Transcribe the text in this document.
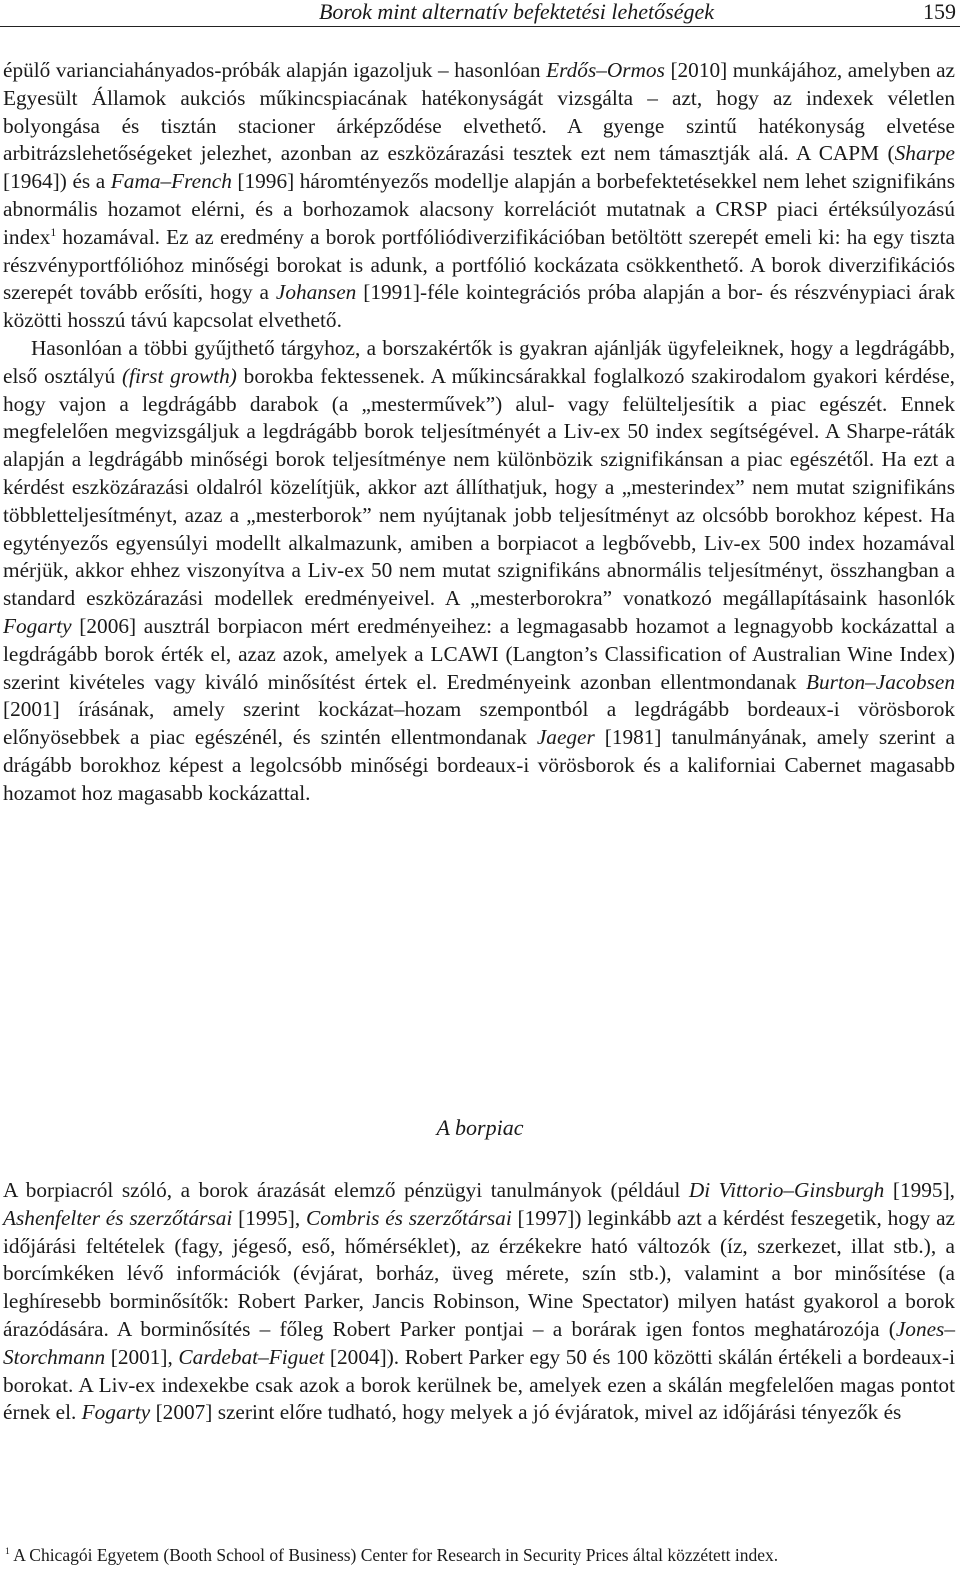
Borok mint alternatív befektetési lehetőségek	159

épülő varianciahányados-próbák alapján igazoljuk – hasonlóan Erdős–Ormos [2010] munkájához, amelyben az Egyesült Államok aukciós műkincspiacának hatékonyságát vizsgálta – azt, hogy az indexek véletlen bolyongása és tisztán stacioner árképződése elvethető. A gyenge szintű hatékonyság elvetése arbitrázslehetőségeket jelezhet, azonban az eszközárazási tesztek ezt nem támasztják alá. A CAPM (Sharpe [1964]) és a Fama–French [1996] háromtényezős modellje alapján a borbefektetésekkel nem lehet szignifikáns abnormális hozamot elérni, és a borhozamok alacsony korrelációt mutatnak a CRSP piaci értéksúlyozású index$^1$ hozamával. Ez az eredmény a borok portfóliódiverzifikációban betöltött szerepét emeli ki: ha egy tiszta részvényportfólióhoz minőségi borokat is adunk, a portfólió kockázata csökkenthető. A borok diverzifikációs szerepét tovább erősíti, hogy a Johansen [1991]-féle kointegrációs próba alapján a bor- és részvénypiaci árak közötti hosszú távú kapcsolat elvethető.

Hasonlóan a többi gyűjthető tárgyhoz, a borszakértők is gyakran ajánlják ügyfeleiknek, hogy a legdrágább, első osztályú (first growth) borokba fektessenek. A műkincsárakkal foglalkozó szakirodalom gyakori kérdése, hogy vajon a legdrágább darabok (a „mesterművek”) alul- vagy felülteljesítik a piac egészét. Ennek megfelelően megvizsgáljuk a legdrágább borok teljesítményét a Liv-ex 50 index segítségével. A Sharpe-ráták alapján a legdrágább minőségi borok teljesítménye nem különbözik szignifikánsan a piac egészétől. Ha ezt a kérdést eszközárazási oldalról közelítjük, akkor azt állíthatjuk, hogy a „mesterindex” nem mutat szignifikáns többletteljesítményt, azaz a „mesterborok” nem nyújtanak jobb teljesítményt az olcsóbb borokhoz képest. Ha egytényezős egyensúlyi modellt alkalmazunk, amiben a borpiacot a legbővebb, Liv-ex 500 index hozamával mérjük, akkor ehhez viszonyítva a Liv-ex 50 nem mutat szignifikáns abnormális teljesítményt, összhangban a standard eszközárazási modellek eredményeivel. A „mesterborokra” vonatkozó megállapításaink hasonlók Fogarty [2006] ausztrál borpiacon mért eredményeihez: a legmagasabb hozamot a legnagyobb kockázattal a legdrágább borok érték el, azaz azok, amelyek a LCAWI (Langton’s Classification of Australian Wine Index) szerint kivételes vagy kiváló minősítést értek el. Eredményeink azonban ellentmondanak Burton–Jacobsen [2001] írásának, amely szerint kockázat–hozam szempontból a legdrágább bordeaux-i vörösborok előnyösebbek a piac egészénél, és szintén ellentmondanak Jaeger [1981] tanulmányának, amely szerint a drágább borokhoz képest a legolcsóbb minőségi bordeaux-i vörösborok és a kaliforniai Cabernet magasabb hozamot hoz magasabb kockázattal.

A borpiac

A borpiacról szóló, a borok árazását elemző pénzügyi tanulmányok (például Di Vittorio–Ginsburgh [1995], Ashenfelter és szerzőtársai [1995], Combris és szerzőtársai [1997]) leginkább azt a kérdést feszegetik, hogy az időjárási feltételek (fagy, jégeső, eső, hőmérséklet), az érzékekre ható változók (íz, szerkezet, illat stb.), a borcímkéken lévő információk (évjárat, borház, üveg mérete, szín stb.), valamint a bor minősítése (a leghíresebb borminősítők: Robert Parker, Jancis Robinson, Wine Spectator) milyen hatást gyakorol a borok árazódására. A borminősítés – főleg Robert Parker pontjai – a borárak igen fontos meghatározója (Jones–Storchmann [2001], Cardebat–Figuet [2004]). Robert Parker egy 50 és 100 közötti skálán értékeli a bordeaux-i borokat. A Liv-ex indexekbe csak azok a borok kerülnek be, amelyek ezen a skálán megfelelően magas pontot érnek el. Fogarty [2007] szerint előre tudható, hogy melyek a jó évjáratok, mivel az időjárási tényezők és

$^1$ A Chicagói Egyetem (Booth School of Business) Center for Research in Security Prices által közzétett index.
